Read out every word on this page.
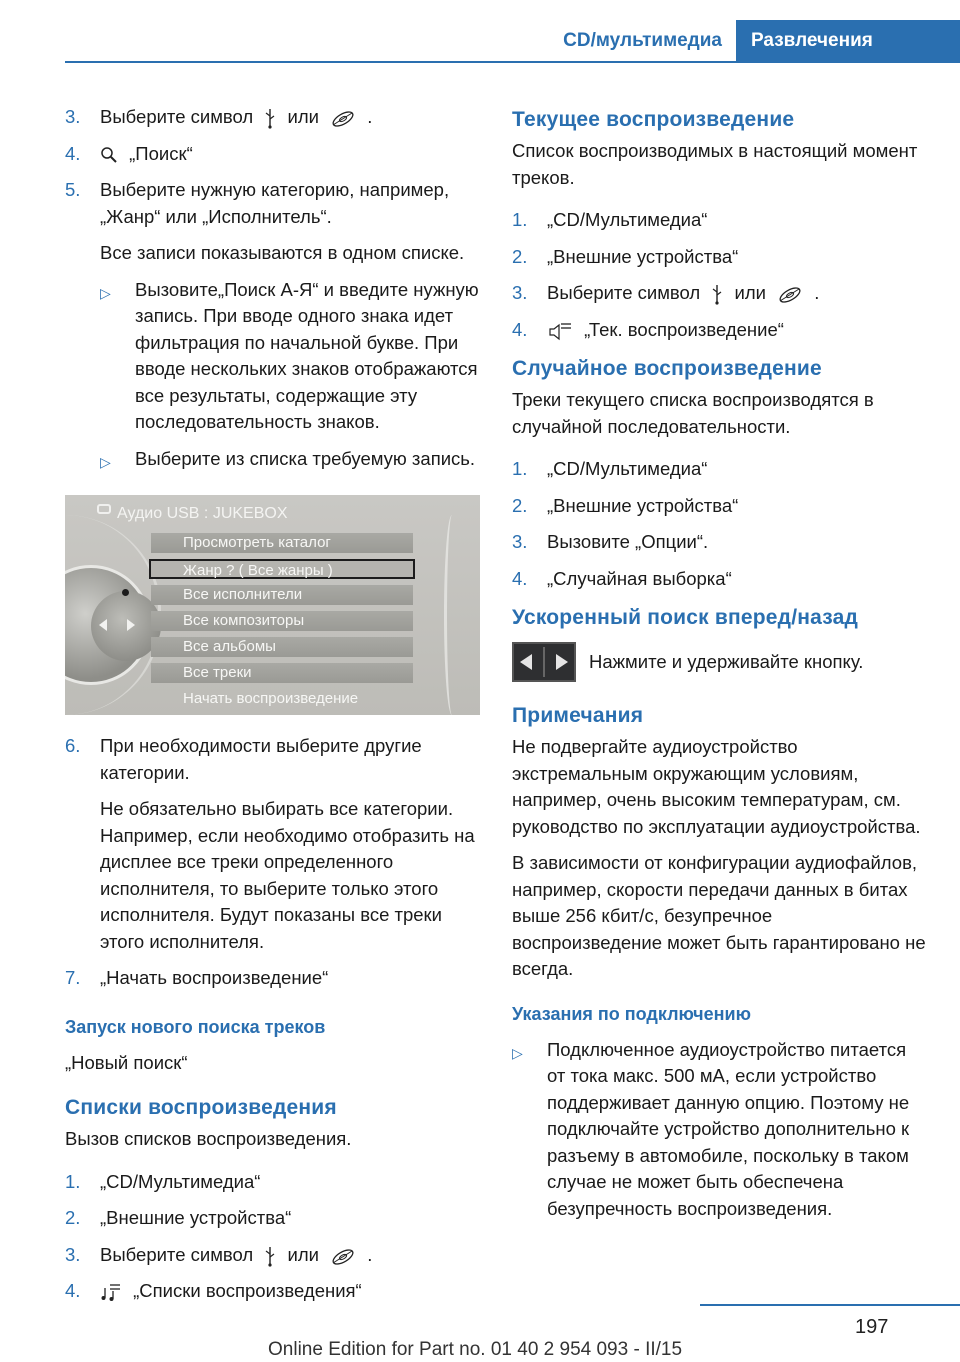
CD/мультимедиа	Развлечения
3.	Выберите символ или	.
4.	„Поиск“
5.	Выберите нужную категорию, например, „Жанр“ или „Исполнитель“.
Все записи показываются в одном списке.
▷	Вызовите„Поиск А-Я“ и введите нужную запись. При вводе одного знака идет фильтрация по начальной букве. При вводе нескольких знаков отображаются все результаты, содержащие эту последовательность знаков.
▷	Выберите из списка требуемую запись.
Аудио USB : JUKEBOX
Просмотреть каталог
Жанр ? ( Все жанры )
Все исполнители
Все композиторы
Все альбомы
Все треки
Начать воспроизведение
6.	При необходимости выберите другие категории.
Не обязательно выбирать все категории. Например, если необходимо отобразить на дисплее все треки определенного исполнителя, то выберите только этого исполнителя. Будут показаны все треки этого исполнителя.
7.	„Начать воспроизведение“
Запуск нового поиска треков
„Новый поиск“
Списки воспроизведения
Вызов списков воспроизведения.
1.	„CD/Мультимедиа“
2.	„Внешние устройства“
3.	Выберите символ или	.
4.	„Списки воспроизведения“
Текущее воспроизведение
Список воспроизводимых в настоящий момент треков.
1.	„CD/Мультимедиа“
2.	„Внешние устройства“
3.	Выберите символ или	.
4.	„Тек. воспроизведение“
Случайное воспроизведение
Треки текущего списка воспроизводятся в случайной последовательности.
1.	„CD/Мультимедиа“
2.	„Внешние устройства“
3.	Вызовите „Опции“.
4.	„Случайная выборка“
Ускоренный поиск вперед/назад
Нажмите и удерживайте кнопку.
Примечания
Не подвергайте аудиоустройство экстремальным окружающим условиям, например, очень высоким температурам, см. руководство по эксплуатации аудиоустройства.
В зависимости от конфигурации аудиофайлов, например, скорости передачи данных в битах выше 256 кбит/с, безупречное воспроизведение может быть гарантировано не всегда.
Указания по подключению
▷	Подключенное аудиоустройство питается от тока макс. 500 мА, если устройство поддерживает данную опцию. Поэтому не подключайте устройство дополнительно к разъему в автомобиле, поскольку в таком случае не может быть обеспечена безупречность воспроизведения.
197
Online Edition for Part no. 01 40 2 954 093 - II/15
